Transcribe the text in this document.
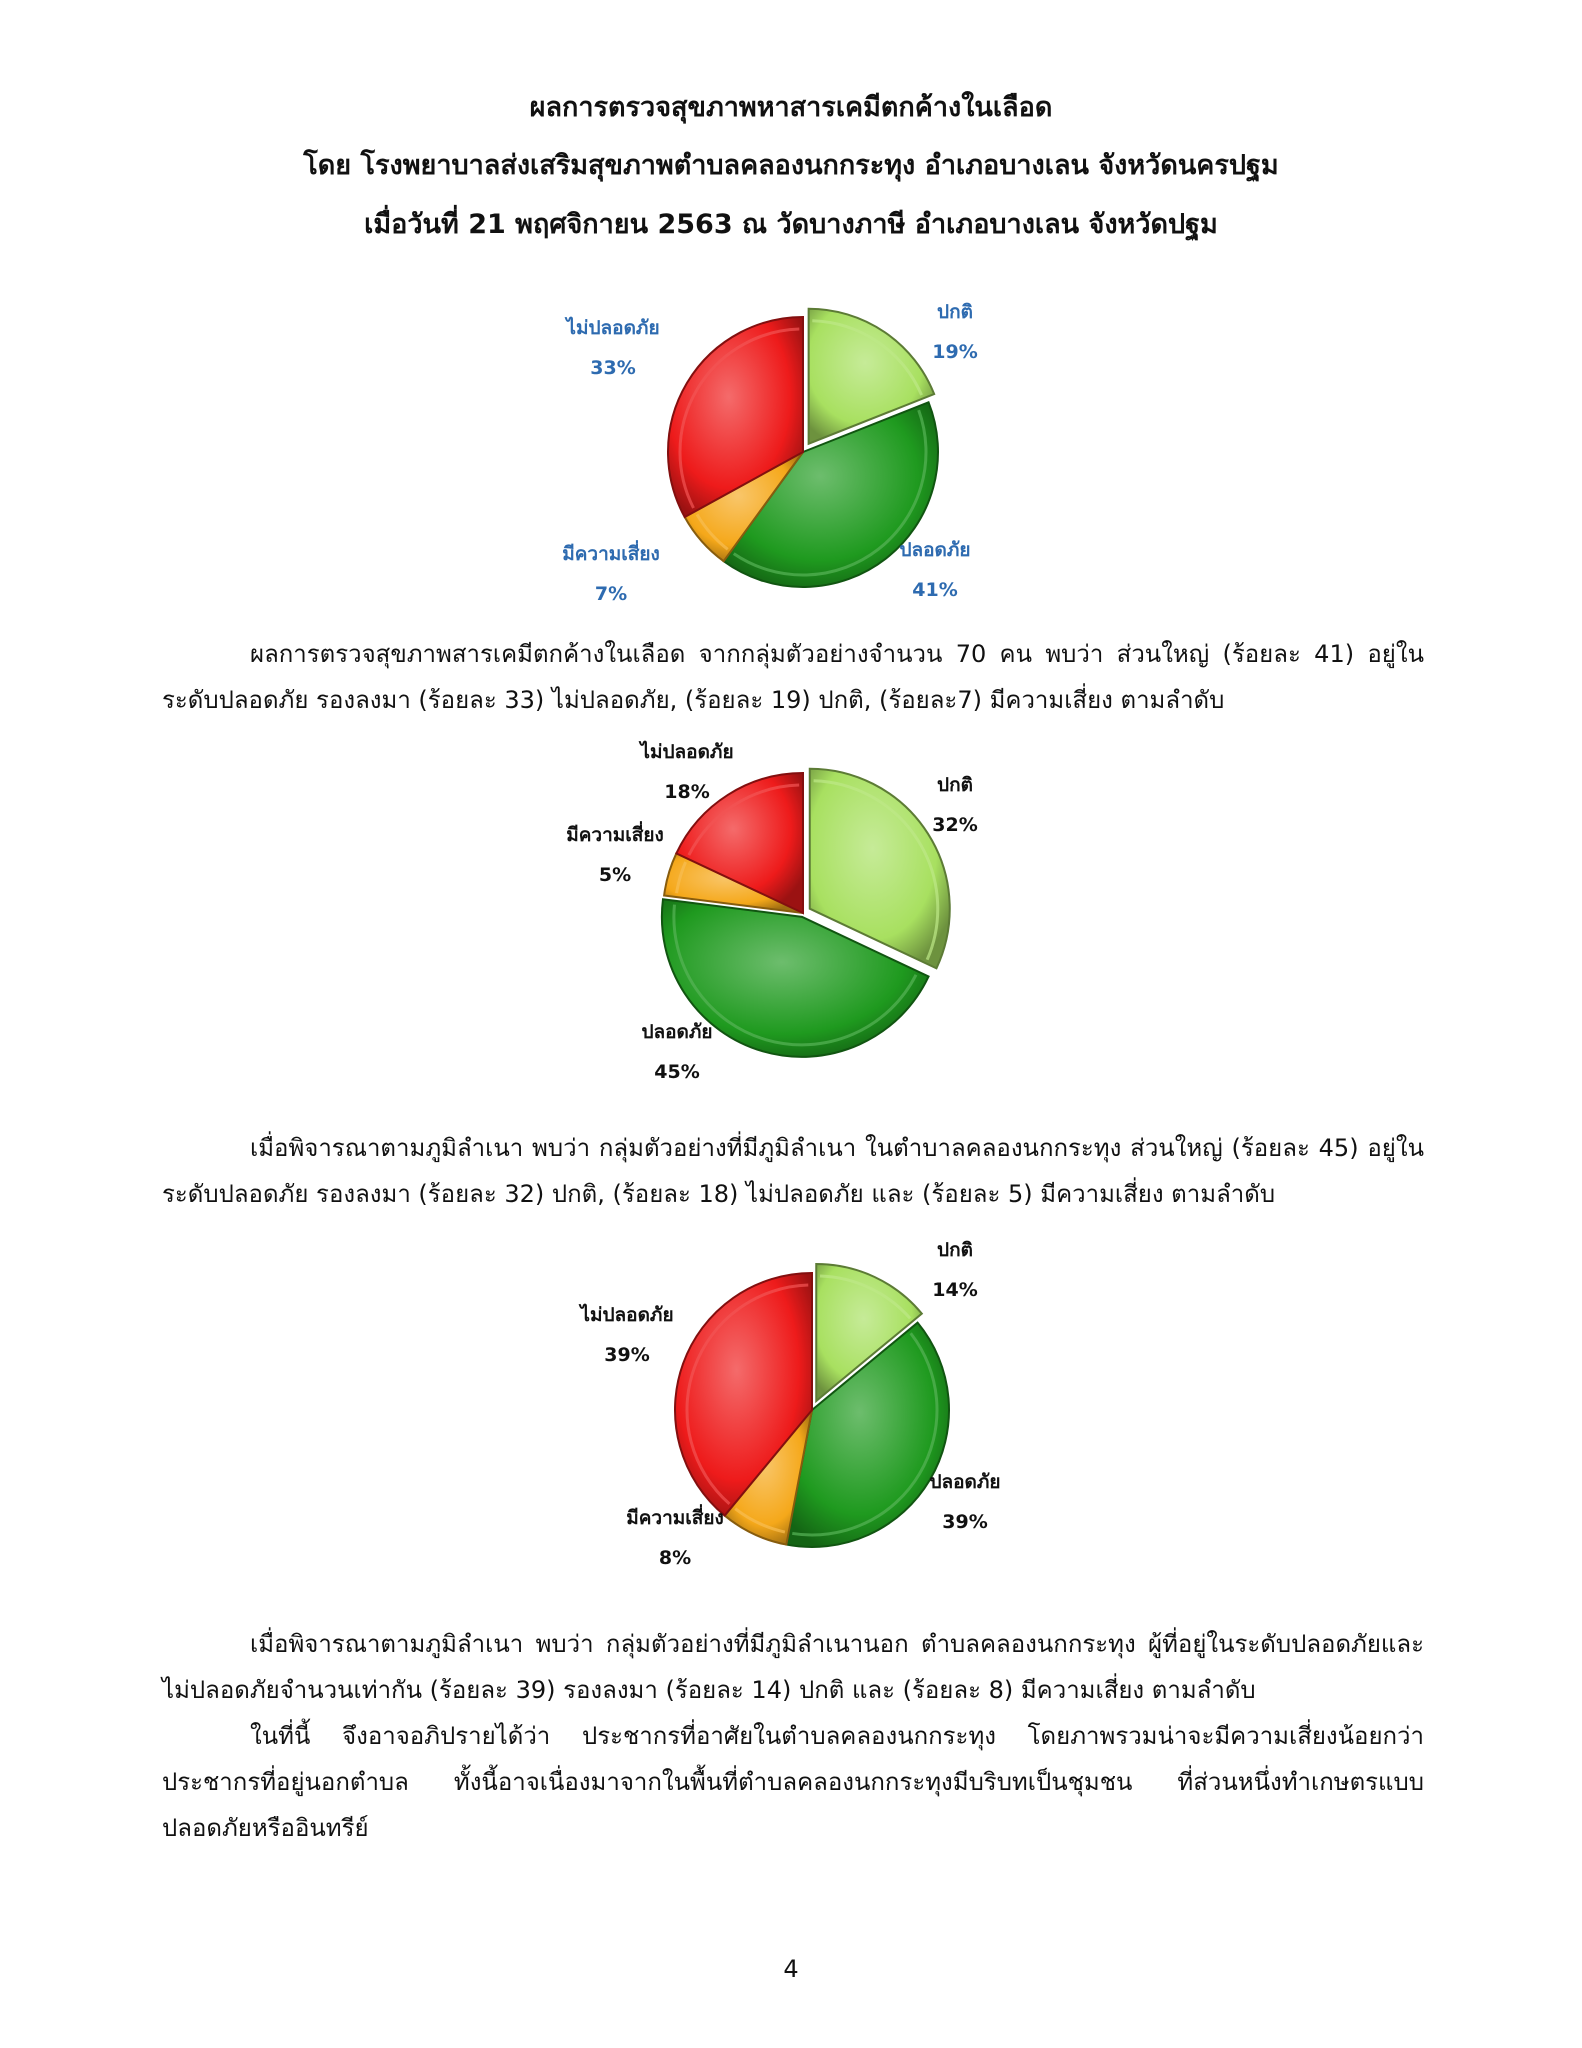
ผลการตรวจสุขภาพหาสารเคมีตกค้างในเลือด
โดย โรงพยาบาลส่งเสริมสุขภาพตำบลคลองนกกระทุง อำเภอบางเลน จังหวัดนครปฐม
เมื่อวันที่ 21 พฤศจิกายน 2563 ณ วัดบางภาษี อำเภอบางเลน จังหวัดปฐม
ปกติ
19%
ปลอดภัย
41%
มีความเสี่ยง
7%
ไม่ปลอดภัย
33%
ผลการตรวจสุขภาพสารเคมีตกค้างในเลือด จากกลุ่มตัวอย่างจำนวน 70 คน พบว่า ส่วนใหญ่ (ร้อยละ 41) อยู่ในระดับปลอดภัย รองลงมา (ร้อยละ 33) ไม่ปลอดภัย, (ร้อยละ 19) ปกติ, (ร้อยละ7) มีความเสี่ยง ตามลำดับ
ปกติ
32%
ปลอดภัย
45%
มีความเสี่ยง
5%
ไม่ปลอดภัย
18%
เมื่อพิจารณาตามภูมิลำเนา พบว่า กลุ่มตัวอย่างที่มีภูมิลำเนา ในตำบาลคลองนกกระทุง ส่วนใหญ่ (ร้อยละ 45) อยู่ในระดับปลอดภัย รองลงมา (ร้อยละ 32) ปกติ, (ร้อยละ 18) ไม่ปลอดภัย และ (ร้อยละ 5) มีความเสี่ยง ตามลำดับ
ปกติ
14%
ปลอดภัย
39%
มีความเสี่ยง
8%
ไม่ปลอดภัย
39%
เมื่อพิจารณาตามภูมิลำเนา พบว่า กลุ่มตัวอย่างที่มีภูมิลำเนานอก ตำบลคลองนกกระทุง ผู้ที่อยู่ในระดับปลอดภัยและไม่ปลอดภัยจำนวนเท่ากัน (ร้อยละ 39) รองลงมา (ร้อยละ 14) ปกติ และ (ร้อยละ 8) มีความเสี่ยง ตามลำดับ
ในที่นี้ จึงอาจอภิปรายได้ว่า ประชากรที่อาศัยในตำบลคลองนกกระทุง โดยภาพรวมน่าจะมีความเสี่ยงน้อยกว่าประชากรที่อยู่นอกตำบล ทั้งนี้อาจเนื่องมาจากในพื้นที่ตำบลคลองนกกระทุงมีบริบทเป็นชุมชน ที่ส่วนหนึ่งทำเกษตรแบบปลอดภัยหรืออินทรีย์
4
